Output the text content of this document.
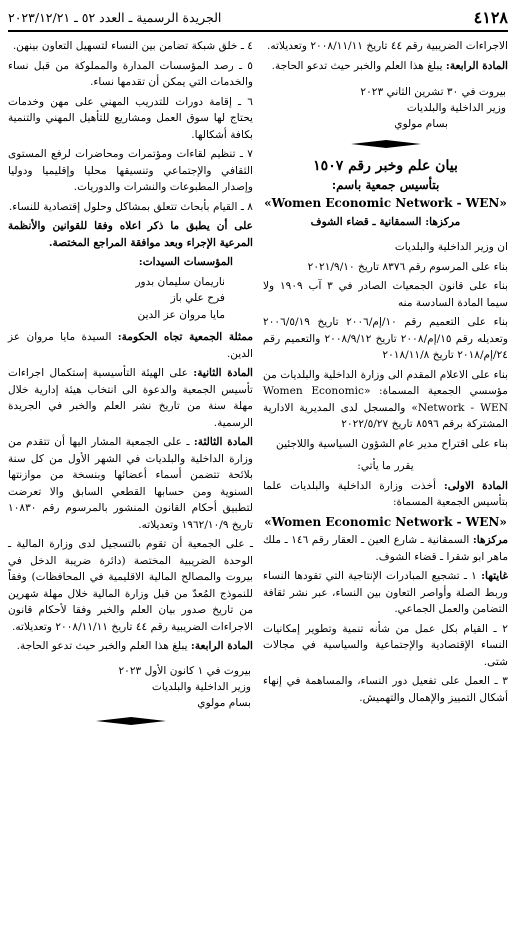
٤١٢٨
الجريدة الرسمية ـ العدد ٥٢ ـ ٢٠٢٣/١٢/٢١

الاجراءات الضريبية رقم ٤٤ تاريخ ٢٠٠٨/١١/١١ وتعديلاته.

المادة الرابعة: يبلغ هذا العلم والخبر حيث تدعو الحاجة.

بيروت في ٣٠ تشرين الثاني ٢٠٢٣
وزير الداخلية والبلديات
بسام مولوي
بيان علم وخبر رقم ١٥٠٧
بتأسيس جمعية باسم:
«Women Economic Network - WEN»

مركزها: السمقانية ـ قضاء الشوف

ان وزير الداخلية والبلديات

بناء على المرسوم رقم ٨٣٧٦ تاريخ ٢٠٢١/٩/١٠

بناء على قانون الجمعيات الصادر في ٣ آب ١٩٠٩ ولا سيما المادة السادسة منه

بناء على التعميم رقم ١٠/إم/٢٠٠٦ تاريخ ٢٠٠٦/٥/١٩ وتعديله رقم ١٥/إم/٢٠٠٨ تاريخ ٢٠٠٨/٩/١٢ والتعميم رقم ٢٤/إم/٢٠١٨ تاريخ ٢٠١٨/١١/٨

بناء على الاعلام المقدم الى وزارة الداخلية والبلديات من مؤسسي الجمعية المسماة: «Women Economic Network - WEN» والمسجل لدى المديرية الادارية المشتركة برقم ٨٥٩٦ تاريخ ٢٠٢٢/٥/٢٧

بناء على اقتراح مدير عام الشؤون السياسية واللاجئين

يقرر ما يأتي:

المادة الاولى: أخذت وزارة الداخلية والبلديات علما بتأسيس الجمعية المسماة:

«Women Economic Network - WEN»

مركزها: السمقانية ـ شارع العين ـ العقار رقم ١٤٦ ـ ملك ماهر ابو شقرا ـ قضاء الشوف.

غايتها: ١ ـ تشجيع المبادرات الإنتاجية التي تقودها النساء وربط الصلة وأواصر التعاون بين النساء، عبر نشر ثقافة التضامن والعمل الجماعي.

٢ ـ القيام بكل عمل من شأنه تنمية وتطوير إمكانيات النساء الإقتصادية والإجتماعية والسياسية في مجالات شتى.

٣ ـ العمل على تفعيل دور النساء، والمساهمة في إنهاء أشكال التمييز والإهمال والتهميش.

٤ ـ خلق شبكة تضامن بين النساء لتسهيل التعاون بينهن.

٥ ـ رصد المؤسسات المدارة والمملوكة من قبل نساء والخدمات التي يمكن أن تقدمها نساء.

٦ ـ إقامة دورات للتدريب المهني على مهن وخدمات يحتاج لها سوق العمل ومشاريع للتأهيل المهني والتنمية بكافة أشكالها.

٧ ـ تنظيم لقاءات ومؤتمرات ومحاضرات لرفع المستوى الثقافي والإجتماعي وتنسيقها محليا وإقليميا ودوليا وإصدار المطبوعات والنشرات والدوريات.

٨ ـ القيام بأبحاث تتعلق بمشاكل وحلول إقتصادية للنساء.

على أن يطبق ما ذكر اعلاه وفقا للقوانين والأنظمة المرعية الإجراء وبعد موافقة المراجع المختصة.

المؤسسات السيدات:

ناريمان سليمان بدور
فرح علي باز
مايا مروان عز الدين

ممثلة الجمعية تجاه الحكومة: السيدة مايا مروان عز الدين.

المادة الثانية: على الهيئة التأسيسية إستكمال اجراءات تأسيس الجمعية والدعوة الى انتخاب هيئة إدارية خلال مهلة سنة من تاريخ نشر العلم والخبر في الجريدة الرسمية.

المادة الثالثة: ـ على الجمعية المشار اليها أن تتقدم من وزارة الداخلية والبلديات في الشهر الأول من كل سنة بلائحة تتضمن أسماء أعضائها وبنسخة من موازنتها السنوية ومن حسابها القطعي السابق والا تعرضت لتطبيق أحكام القانون المنشور بالمرسوم رقم ١٠٨٣٠ تاريخ ١٩٦٢/١٠/٩ وتعديلاته.

ـ على الجمعية أن تقوم بالتسجيل لدى وزارة المالية ـ الوحدة الضريبية المختصة (دائرة ضريبة الدخل في بيروت والمصالح المالية الاقليمية في المحافظات) وفقاً للنموذج المُعدّ من قبل وزارة المالية خلال مهلة شهرين من تاريخ صدور بيان العلم والخبر وفقا لأحكام قانون الاجراءات الضريبية رقم ٤٤ تاريخ ٢٠٠٨/١١/١١ وتعديلاته.

المادة الرابعة: يبلغ هذا العلم والخبر حيث تدعو الحاجة.

بيروت في ١ كانون الأول ٢٠٢٣
وزير الداخلية والبلديات
بسام مولوي
